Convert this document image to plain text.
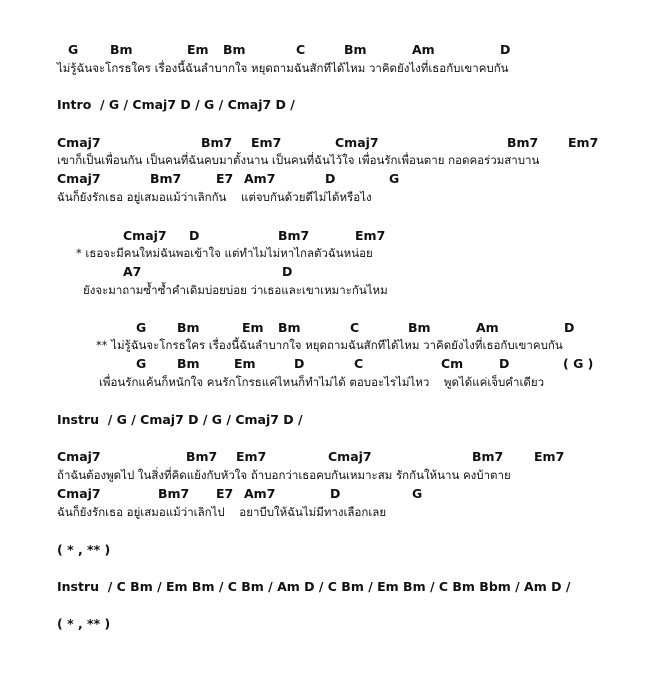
G	Bm	Em Bm	C	Bm	Am	D
ไม่รู้ฉันจะโกรธใคร เรื่องนี้ฉันลำบากใจ หยุดถามฉันสักทีได้ไหม วาคิดยังไงที่เธอกับเขาคบกัน
Intro  / G / Cmaj7 D / G / Cmaj7 D /
Cmaj7	Bm7 Em7	Cmaj7	Bm7 Em7
เขาก็เป็นเพื่อนกัน เป็นคนที่ฉันคบมาตั้งนาน เป็นคนที่ฉันไว้ใจ เพื่อนรักเพื่อนตาย กอดคอร่วมสาบาน
Cmaj7	Bm7	E7 Am7	D	G
ฉันก็ยังรักเธอ อยู่เสมอแม้ว่าเลิกกัน    แต่จบกันด้วยดีไม่ได้หรือไง
Cmaj7 D	Bm7	Em7
* เธอจะมีคนใหม่ฉันพอเข้าใจ แต่ทำไมไม่หาไกลตัวฉันหน่อย
A7	D
ยังจะมาถามซ้ำซ้ำคำเดิมบ่อยบ่อย ว่าเธอและเขาเหมาะกันไหม
G Bm	Em Bm	C	Bm	Am	D
** ไม่รู้ฉันจะโกรธใคร เรื่องนี้ฉันลำบากใจ หยุดถามฉันสักทีได้ไหม วาคิดยังไงที่เธอกับเขาคบกัน
G Bm	Em	D	C	Cm	D	( G )
เพื่อนรักแค้นก็หนักใจ คนรักโกรธแค่ไหนก็ทำไม่ได้ ตอบอะไรไม่ไหว    พูดได้แค่เจ็บคำเดียว
Instru  / G / Cmaj7 D / G / Cmaj7 D /
Cmaj7	Bm7 Em7	Cmaj7	Bm7 Em7
ถ้าฉันต้องพูดไป ในสิ่งที่คิดแย้งกับหัวใจ ถ้าบอกว่าเธอคบกันเหมาะสม รักกันให้นาน คงบ้าตาย
Cmaj7	Bm7 E7 Am7	D	G
ฉันก็ยังรักเธอ อยู่เสมอแม้ว่าเลิกไป    อยาบีบให้ฉันไม่มีทางเลือกเลย
( * , ** )
Instru  / C Bm / Em Bm / C Bm / Am D / C Bm / Em Bm / C Bm Bbm / Am D /
( * , ** )
